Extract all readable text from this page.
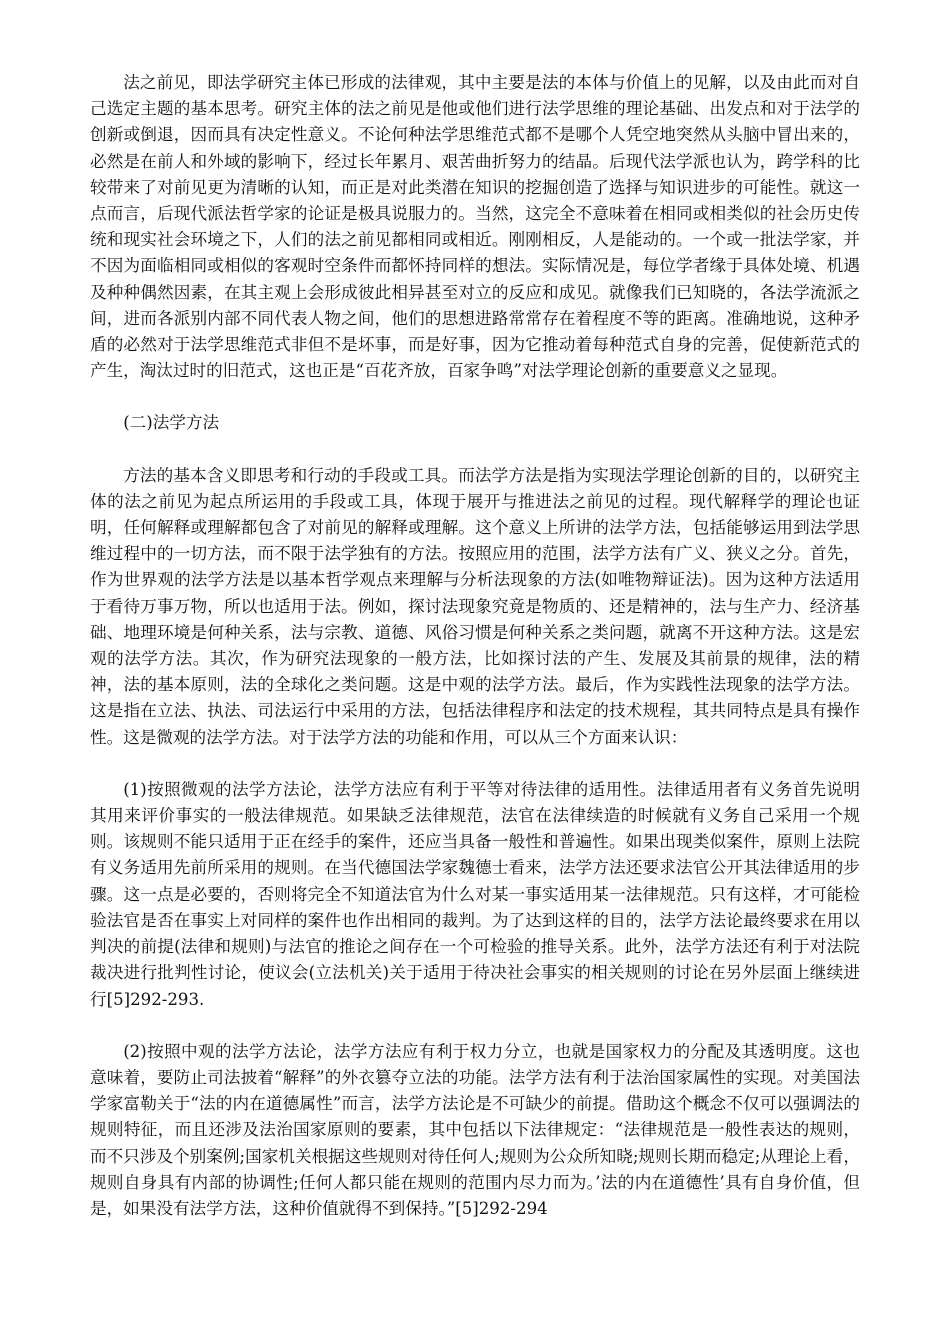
法之前见，即法学研究主体已形成的法律观，其中主要是法的本体与价值上的见解，以及由此而对自己选定主题的基本思考。研究主体的法之前见是他或他们进行法学思维的理论基础、出发点和对于法学的创新或倒退，因而具有决定性意义。不论何种法学思维范式都不是哪个人凭空地突然从头脑中冒出来的，必然是在前人和外域的影响下，经过长年累月、艰苦曲折努力的结晶。后现代法学派也认为，跨学科的比较带来了对前见更为清晰的认知，而正是对此类潜在知识的挖掘创造了选择与知识进步的可能性。就这一点而言，后现代派法哲学家的论证是极具说服力的。当然，这完全不意味着在相同或相类似的社会历史传统和现实社会环境之下，人们的法之前见都相同或相近。刚刚相反，人是能动的。一个或一批法学家，并不因为面临相同或相似的客观时空条件而都怀持同样的想法。实际情况是，每位学者缘于具体处境、机遇及种种偶然因素，在其主观上会形成彼此相异甚至对立的反应和成见。就像我们已知晓的，各法学流派之间，进而各派别内部不同代表人物之间，他们的思想进路常常存在着程度不等的距离。准确地说，这种矛盾的必然对于法学思维范式非但不是坏事，而是好事，因为它推动着每种范式自身的完善，促使新范式的产生，淘汰过时的旧范式，这也正是“百花齐放，百家争鸣”对法学理论创新的重要意义之显现。

(二)法学方法

方法的基本含义即思考和行动的手段或工具。而法学方法是指为实现法学理论创新的目的，以研究主体的法之前见为起点所运用的手段或工具，体现于展开与推进法之前见的过程。现代解释学的理论也证明，任何解释或理解都包含了对前见的解释或理解。这个意义上所讲的法学方法，包括能够运用到法学思维过程中的一切方法，而不限于法学独有的方法。按照应用的范围，法学方法有广义、狭义之分。首先，作为世界观的法学方法是以基本哲学观点来理解与分析法现象的方法(如唯物辩证法)。因为这种方法适用于看待万事万物，所以也适用于法。例如，探讨法现象究竟是物质的、还是精神的，法与生产力、经济基础、地理环境是何种关系，法与宗教、道德、风俗习惯是何种关系之类问题，就离不开这种方法。这是宏观的法学方法。其次，作为研究法现象的一般方法，比如探讨法的产生、发展及其前景的规律，法的精神，法的基本原则，法的全球化之类问题。这是中观的法学方法。最后，作为实践性法现象的法学方法。这是指在立法、执法、司法运行中采用的方法，包括法律程序和法定的技术规程，其共同特点是具有操作性。这是微观的法学方法。对于法学方法的功能和作用，可以从三个方面来认识：

(1)按照微观的法学方法论，法学方法应有利于平等对待法律的适用性。法律适用者有义务首先说明其用来评价事实的一般法律规范。如果缺乏法律规范，法官在法律续造的时候就有义务自己采用一个规则。该规则不能只适用于正在经手的案件，还应当具备一般性和普遍性。如果出现类似案件，原则上法院有义务适用先前所采用的规则。在当代德国法学家魏德士看来，法学方法还要求法官公开其法律适用的步骤。这一点是必要的，否则将完全不知道法官为什么对某一事实适用某一法律规范。只有这样，才可能检验法官是否在事实上对同样的案件也作出相同的裁判。为了达到这样的目的，法学方法论最终要求在用以判决的前提(法律和规则)与法官的推论之间存在一个可检验的推导关系。此外，法学方法还有利于对法院裁决进行批判性讨论，使议会(立法机关)关于适用于待决社会事实的相关规则的讨论在另外层面上继续进行[5]292-293.

(2)按照中观的法学方法论，法学方法应有利于权力分立，也就是国家权力的分配及其透明度。这也意味着，要防止司法披着“解释”的外衣篡夺立法的功能。法学方法有利于法治国家属性的实现。对美国法学家富勒关于“法的内在道德属性”而言，法学方法论是不可缺少的前提。借助这个概念不仅可以强调法的规则特征，而且还涉及法治国家原则的要素，其中包括以下法律规定：“法律规范是一般性表达的规则，而不只涉及个别案例;国家机关根据这些规则对待任何人;规则为公众所知晓;规则长期而稳定;从理论上看，规则自身具有内部的协调性;任何人都只能在规则的范围内尽力而为。’法的内在道德性’具有自身价值，但是，如果没有法学方法，这种价值就得不到保持。”[5]292-294
